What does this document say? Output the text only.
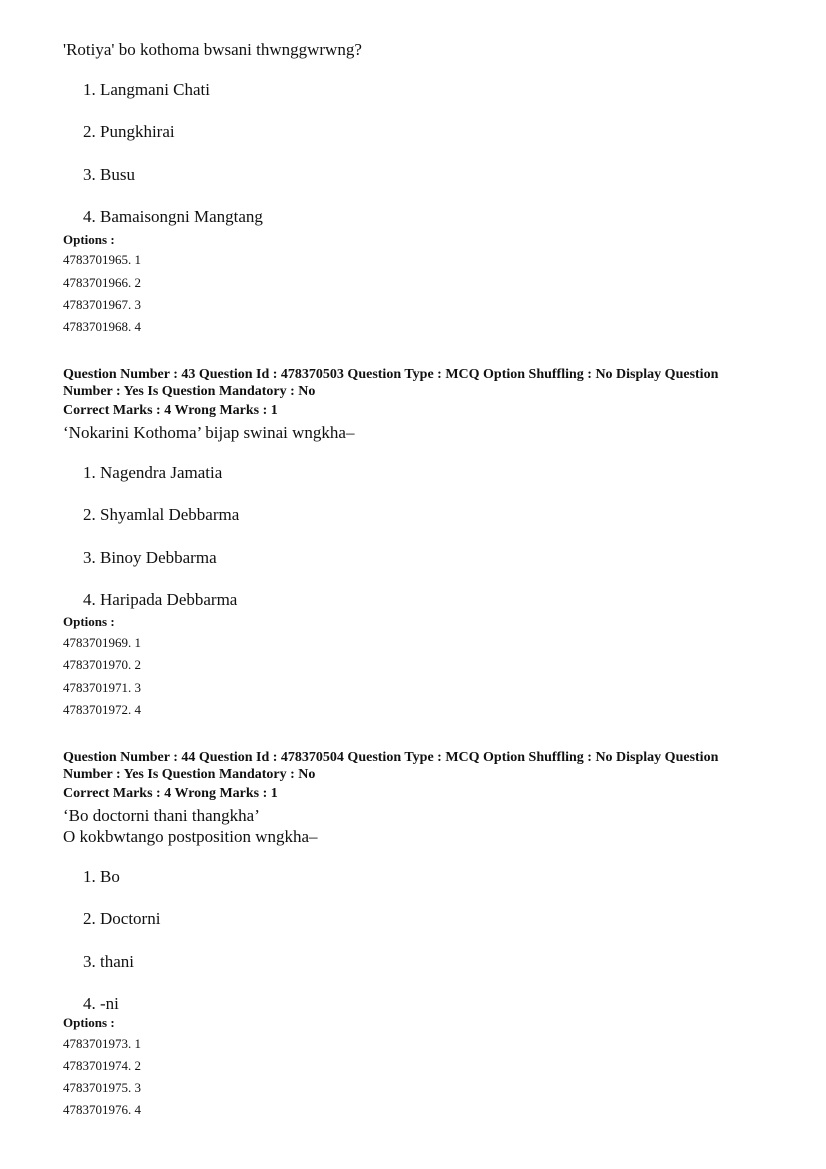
'Rotiya' bo kothoma bwsani thwnggwrwng?
1. Langmani Chati
2. Pungkhirai
3. Busu
4. Bamaisongni Mangtang
Options :
4783701965. 1
4783701966. 2
4783701967. 3
4783701968. 4
Question Number : 43 Question Id : 478370503 Question Type : MCQ Option Shuffling : No Display Question
Number : Yes Is Question Mandatory : No
Correct Marks : 4 Wrong Marks : 1
‘Nokarini Kothoma’ bijap swinai wngkha–
1. Nagendra Jamatia
2. Shyamlal Debbarma
3. Binoy Debbarma
4. Haripada Debbarma
Options :
4783701969. 1
4783701970. 2
4783701971. 3
4783701972. 4
Question Number : 44 Question Id : 478370504 Question Type : MCQ Option Shuffling : No Display Question
Number : Yes Is Question Mandatory : No
Correct Marks : 4 Wrong Marks : 1
‘Bo doctorni thani thangkha’
O kokbwtango postposition wngkha–
1. Bo
2. Doctorni
3. thani
4. -ni
Options :
4783701973. 1
4783701974. 2
4783701975. 3
4783701976. 4
